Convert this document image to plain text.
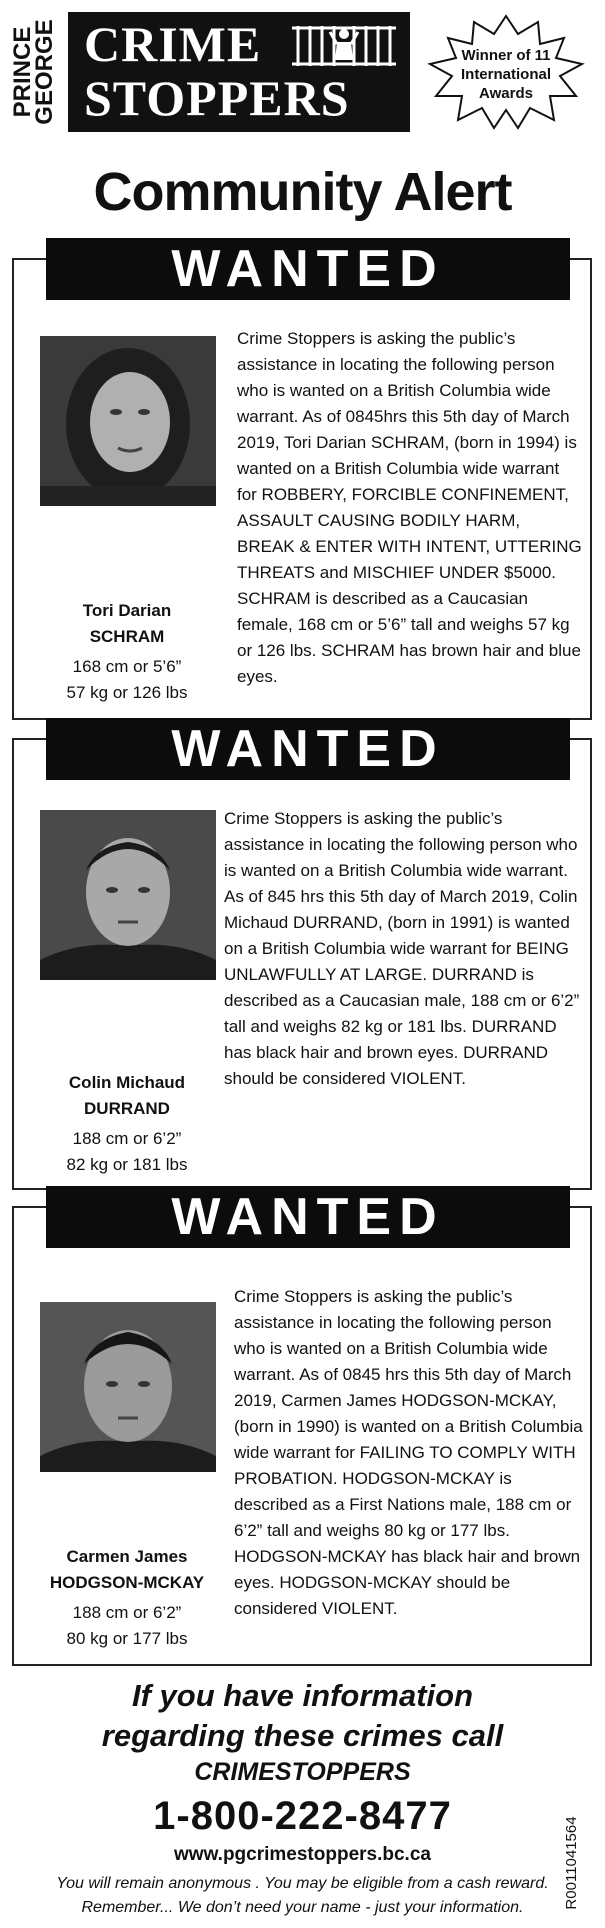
PRINCE
GEORGE CRIME
STOPPERS
Winner of 11
International
Awards
Community Alert
WANTED
Tori Darian
SCHRAM
168 cm or 5’6”
57 kg or 126 lbs
Crime Stoppers is asking the public’s assistance in locating the following person who is wanted on a British Columbia wide warrant. As of 0845hrs this 5th day of March 2019, Tori Darian SCHRAM, (born in 1994) is wanted on a British Columbia wide warrant for ROBBERY, FORCIBLE CONFINEMENT, ASSAULT CAUSING BODILY HARM, BREAK & ENTER WITH INTENT, UTTERING THREATS and MISCHIEF UNDER $5000. SCHRAM is described as a Caucasian female, 168 cm or 5’6” tall and weighs 57 kg or 126 lbs. SCHRAM has brown hair and blue eyes.
WANTED
Colin Michaud
DURRAND
188 cm or 6’2”
82 kg or 181 lbs
Crime Stoppers is asking the public’s assistance in locating the following person who is wanted on a British Columbia wide warrant. As of 845 hrs this 5th day of March 2019, Colin Michaud DURRAND, (born in 1991) is wanted on a British Columbia wide warrant for BEING UNLAWFULLY AT LARGE. DURRAND is described as a Caucasian male, 188 cm or 6’2” tall and weighs 82 kg or 181 lbs. DURRAND has black hair and brown eyes. DURRAND should be considered VIOLENT.
WANTED
Carmen James
HODGSON-MCKAY
188 cm or 6’2”
80 kg or 177 lbs
Crime Stoppers is asking the public’s assistance in locating the following person who is wanted on a British Columbia wide warrant. As of 0845 hrs this 5th day of March 2019, Carmen James HODGSON-MCKAY, (born in 1990) is wanted on a British Columbia wide warrant for FAILING TO COMPLY WITH PROBATION. HODGSON-MCKAY is described as a First Nations male, 188 cm or 6’2” tall and weighs 80 kg or 177 lbs. HODGSON-MCKAY has black hair and brown eyes. HODGSON-MCKAY should be considered VIOLENT.
If you have information
regarding these crimes call
CRIMESTOPPERS
1-800-222-8477
www.pgcrimestoppers.bc.ca
You will remain anonymous . You may be eligible from a cash reward.
Remember... We don’t need your name - just your information.	R0011041564
